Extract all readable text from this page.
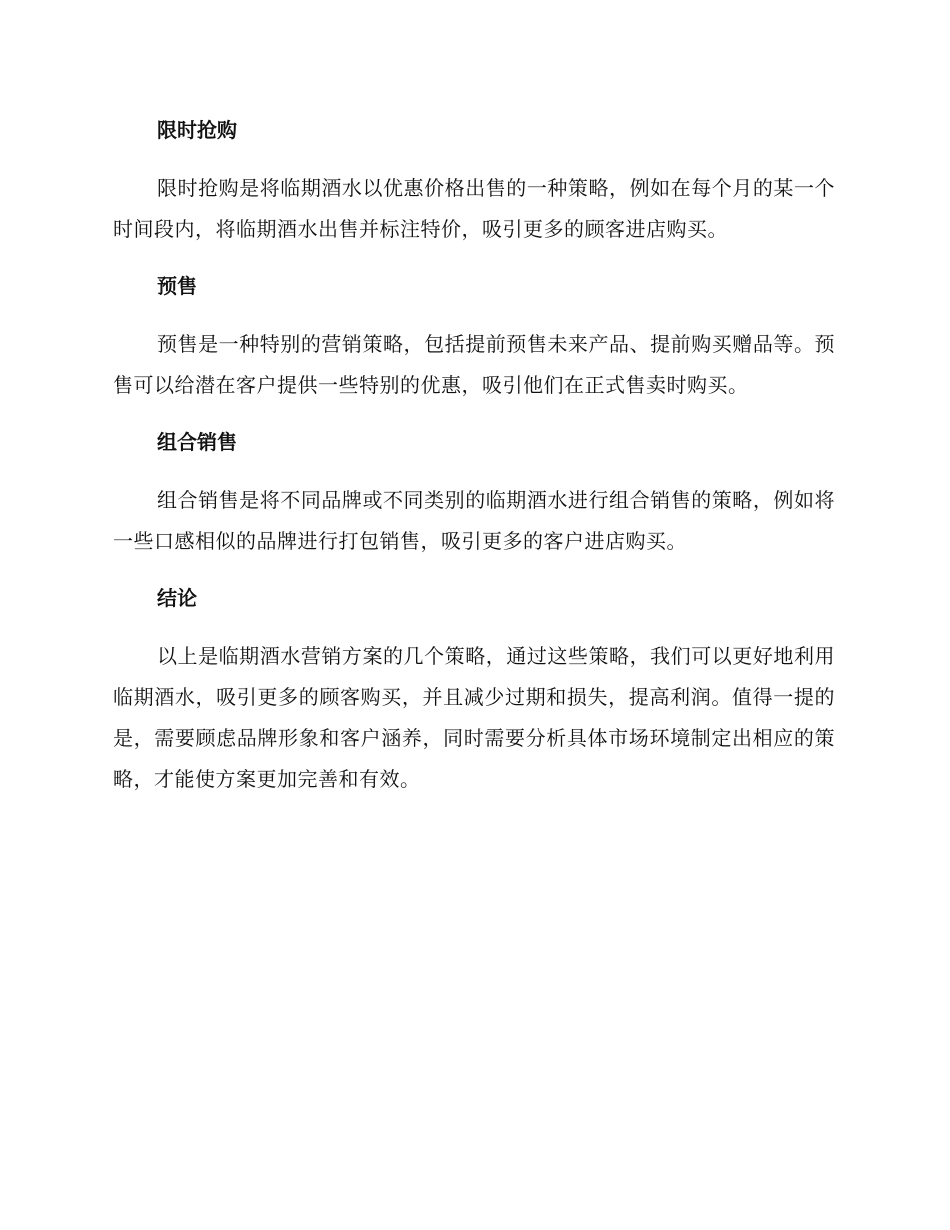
限时抢购

限时抢购是将临期酒水以优惠价格出售的一种策略，例如在每个月的某一个时间段内，将临期酒水出售并标注特价，吸引更多的顾客进店购买。

预售

预售是一种特别的营销策略，包括提前预售未来产品、提前购买赠品等。预售可以给潜在客户提供一些特别的优惠，吸引他们在正式售卖时购买。

组合销售

组合销售是将不同品牌或不同类别的临期酒水进行组合销售的策略，例如将一些口感相似的品牌进行打包销售，吸引更多的客户进店购买。

结论

以上是临期酒水营销方案的几个策略，通过这些策略，我们可以更好地利用临期酒水，吸引更多的顾客购买，并且减少过期和损失，提高利润。值得一提的是，需要顾虑品牌形象和客户涵养，同时需要分析具体市场环境制定出相应的策略，才能使方案更加完善和有效。
